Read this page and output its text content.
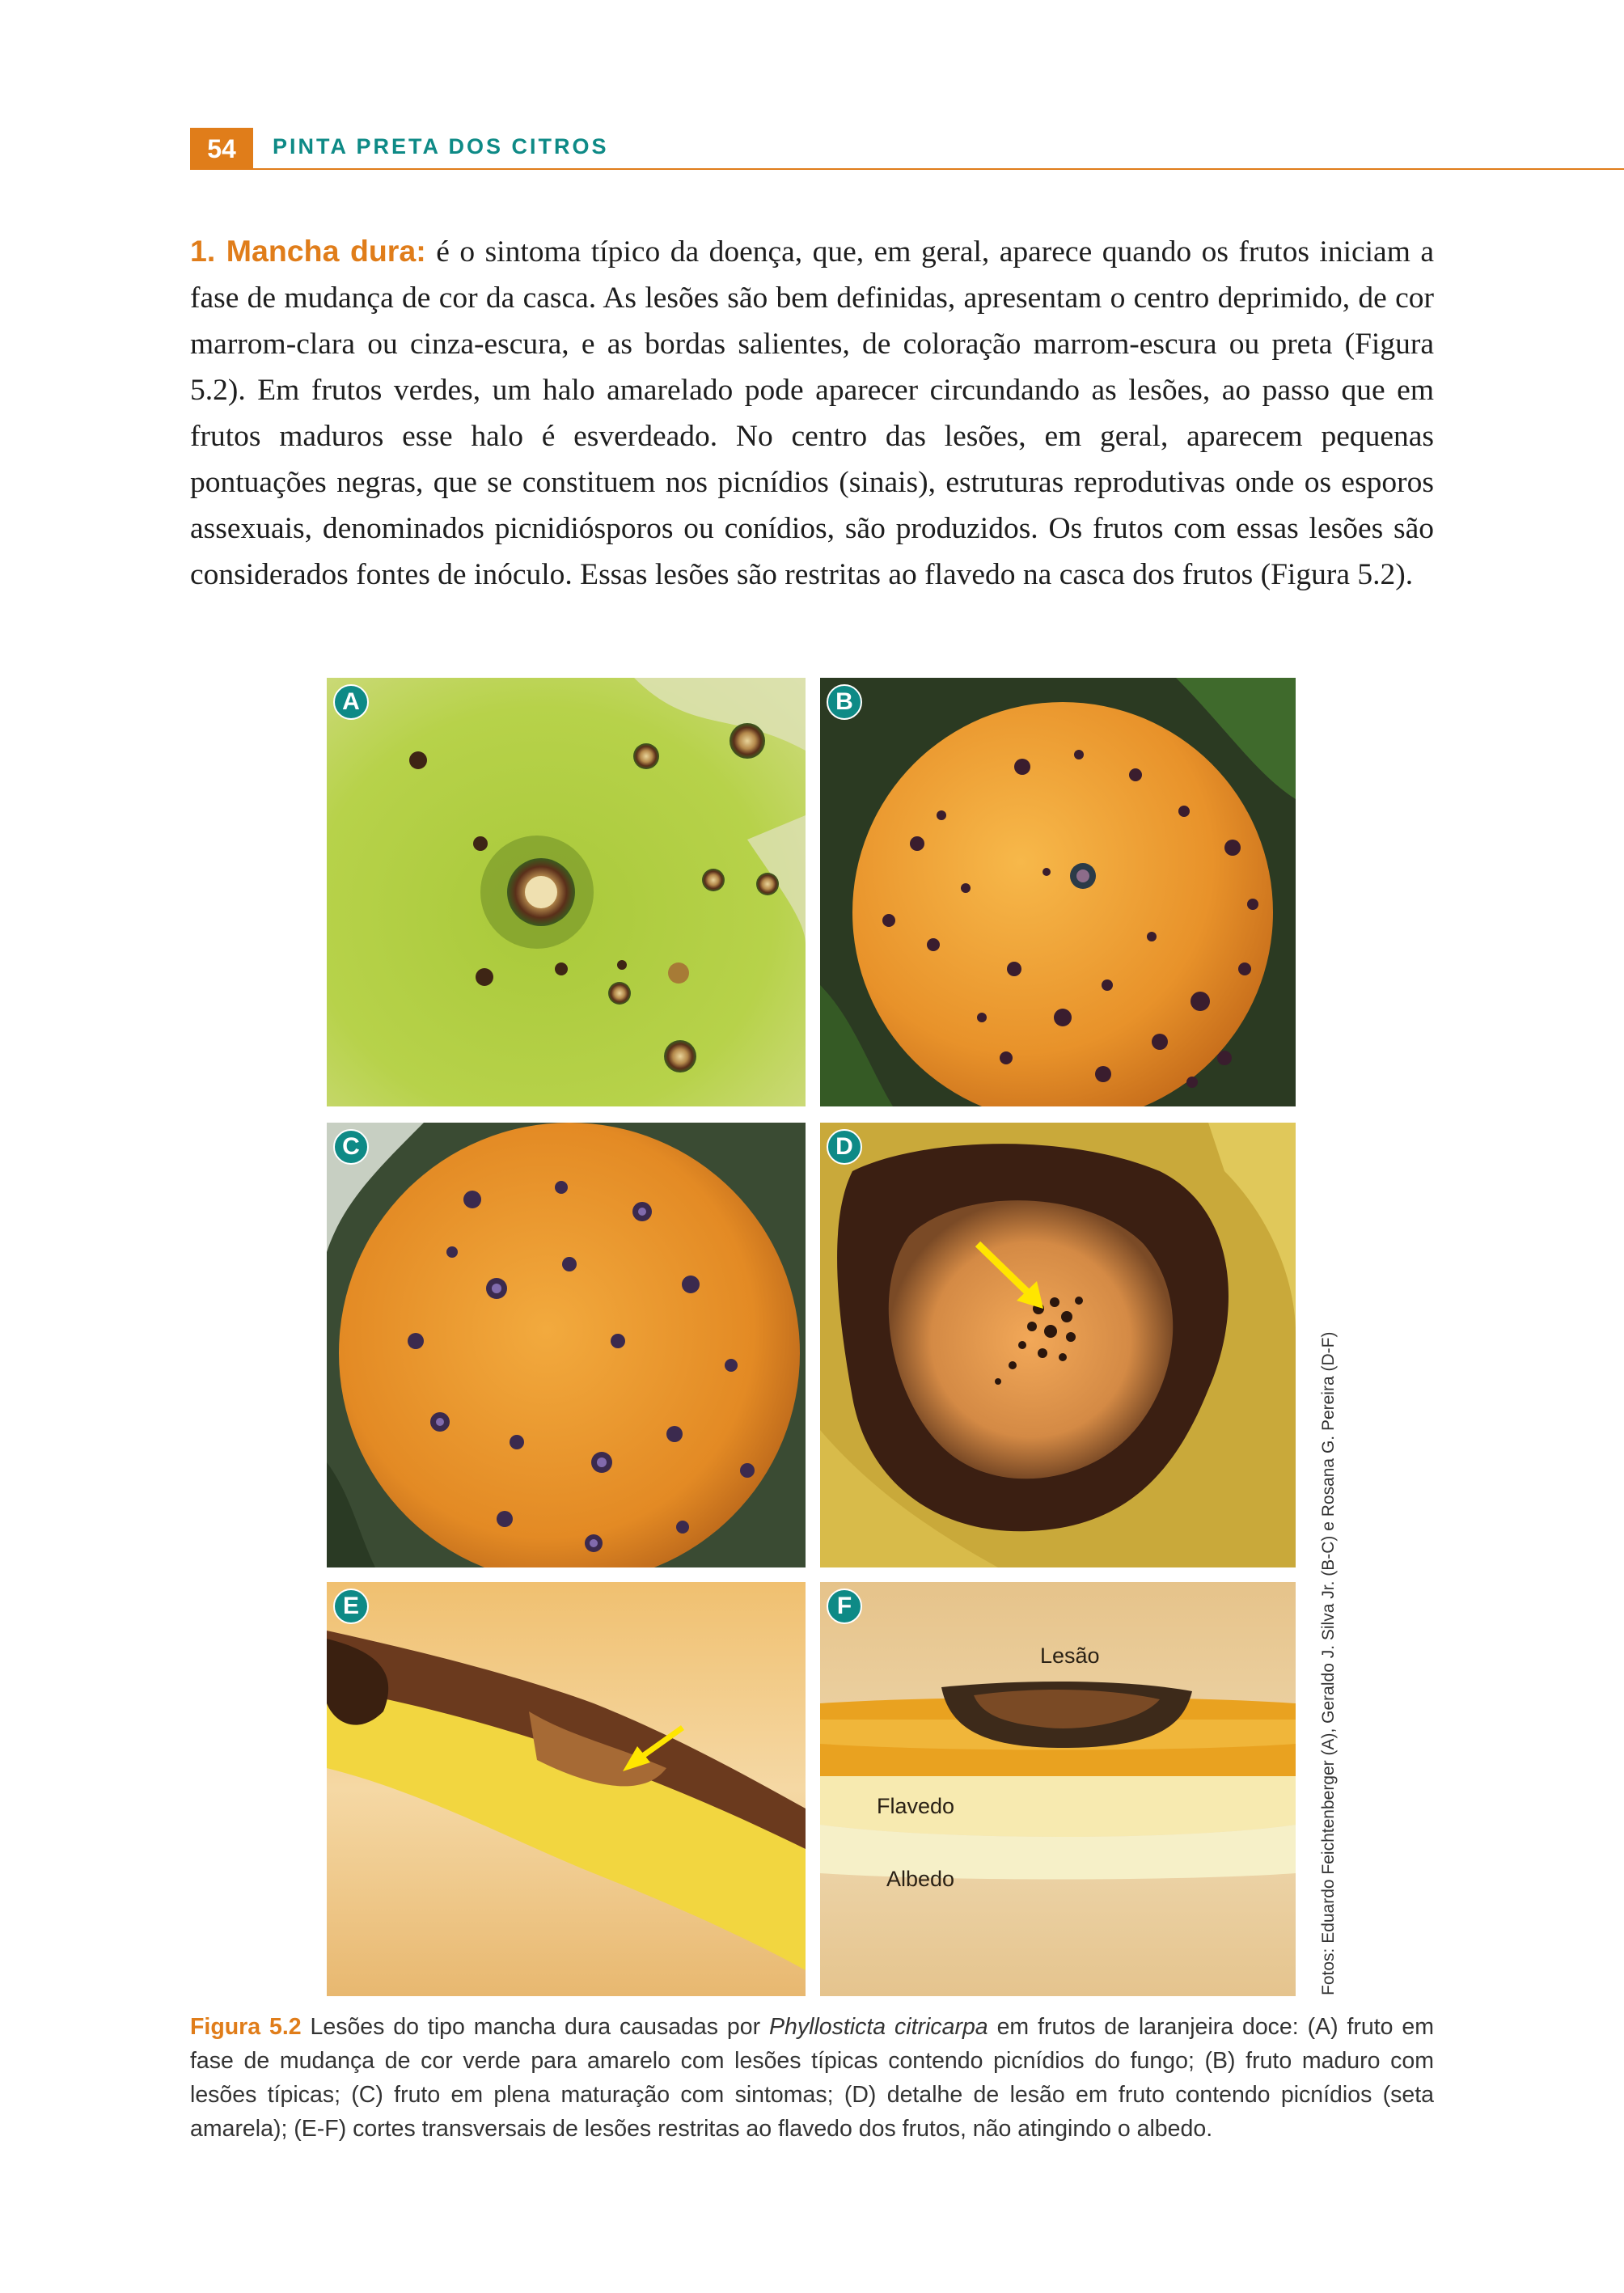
54	PINTA PRETA DOS CITROS
1. Mancha dura: é o sintoma típico da doença, que, em geral, aparece quando os frutos iniciam a fase de mudança de cor da casca. As lesões são bem definidas, apresentam o centro deprimido, de cor marrom-clara ou cinza-escura, e as bordas salientes, de coloração marrom-escura ou preta (Figura 5.2). Em frutos verdes, um halo amarelado pode aparecer circundando as lesões, ao passo que em frutos maduros esse halo é esverdeado. No centro das lesões, em geral, aparecem pequenas pontuações negras, que se constituem nos picnídios (sinais), estruturas reprodutivas onde os esporos assexuais, denominados picnidiósporos ou conídios, são produzidos. Os frutos com essas lesões são considerados fontes de inóculo. Essas lesões são restritas ao flavedo na casca dos frutos (Figura 5.2).
A	B
C	D
E	F
Lesão
Flavedo
Albedo	Fotos: Eduardo Feichtenberger (A), Geraldo J. Silva Jr. (B-C) e Rosana G. Pereira (D-F)
Figura 5.2 Lesões do tipo mancha dura causadas por Phyllosticta citricarpa em frutos de laranjeira doce: (A) fruto em fase de mudança de cor verde para amarelo com lesões típicas contendo picnídios do fungo; (B) fruto maduro com lesões típicas; (C) fruto em plena maturação com sintomas; (D) detalhe de lesão em fruto contendo picnídios (seta amarela); (E-F) cortes transversais de lesões restritas ao flavedo dos frutos, não atingindo o albedo.
